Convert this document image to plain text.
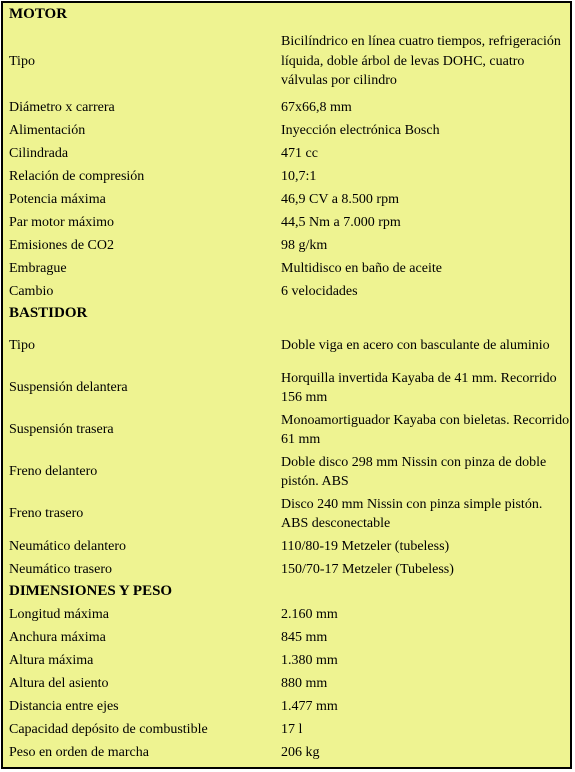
MOTOR	
Tipo	Bicilíndrico en línea cuatro tiempos, refrigeración líquida, doble árbol de levas DOHC, cuatro válvulas por cilindro
Diámetro x carrera	67x66,8 mm
Alimentación	Inyección electrónica Bosch
Cilindrada	471 cc
Relación de compresión	10,7:1
Potencia máxima	46,9 CV a 8.500 rpm
Par motor máximo	44,5 Nm a 7.000 rpm
Emisiones de CO2	98 g/km
Embrague	Multidisco en baño de aceite
Cambio	6 velocidades
BASTIDOR	
Tipo	Doble viga en acero con basculante de aluminio
Suspensión delantera	Horquilla invertida Kayaba de 41 mm. Recorrido 156 mm
Suspensión trasera	Monoamortiguador Kayaba con bieletas. Recorrido 61 mm
Freno delantero	Doble disco 298 mm Nissin con pinza de doble pistón. ABS
Freno trasero	Disco 240 mm Nissin con pinza simple pistón. ABS desconectable
Neumático delantero	110/80-19 Metzeler (tubeless)
Neumático trasero	150/70-17 Metzeler (Tubeless)
DIMENSIONES Y PESO	
Longitud máxima	2.160 mm
Anchura máxima	845 mm
Altura máxima	1.380 mm
Altura del asiento	880 mm
Distancia entre ejes	1.477 mm
Capacidad depósito de combustible	17 l
Peso en orden de marcha	206 kg
